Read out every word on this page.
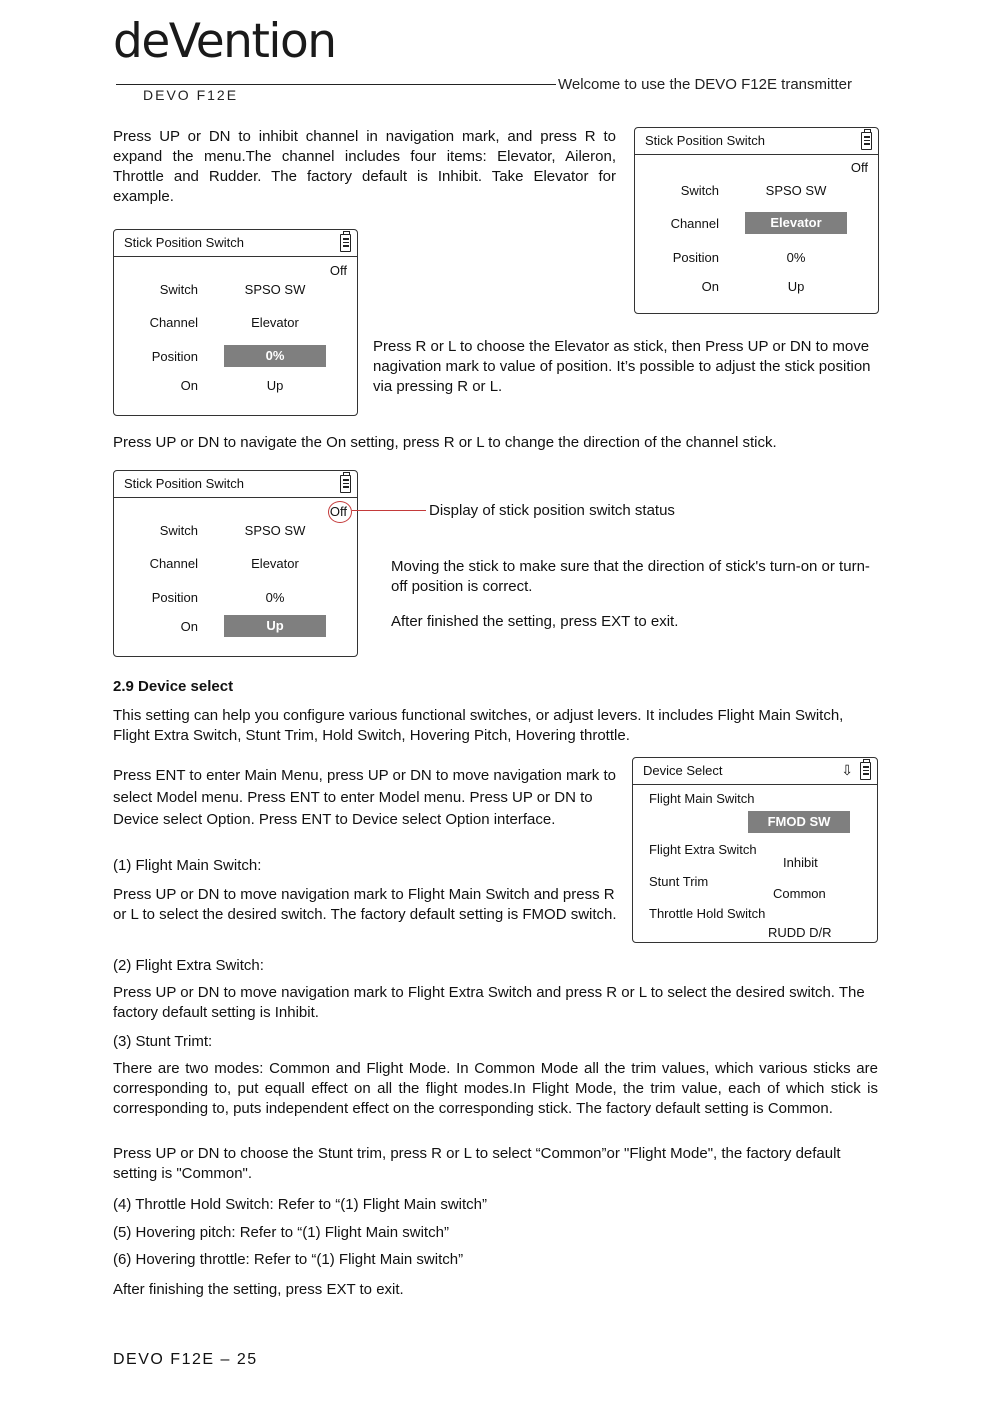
deVention
DEVO F12E
Welcome to use the DEVO F12E transmitter
Press UP or DN to inhibit channel in navigation mark, and press R to expand the menu.The channel includes four items: Elevator, Aileron, Throttle and Rudder. The factory default is Inhibit. Take Elevator for example.
Stick Position Switch
Off
Switch	SPSO SW
Channel	Elevator
Position	0%
On	Up
Stick Position Switch
Off
Switch	SPSO SW
Channel	Elevator
Position	0%
On	Up
Press R or L to choose the Elevator as stick, then Press UP or DN to move nagivation mark to value of position. It’s possible to adjust the stick position via pressing R or L.
Press UP or DN to navigate the On setting, press R or L to change the direction of the channel stick.
Stick Position Switch
Off
Switch	SPSO SW
Channel	Elevator
Position	0%
On	Up
Display of stick position switch status
Moving the stick to make sure that the direction of stick's turn-on or turn-off position is correct.
After finished the setting, press EXT to exit.
2.9 Device select
This setting can help you configure various functional switches, or adjust levers. It includes Flight Main Switch, Flight Extra Switch, Stunt Trim, Hold Switch, Hovering Pitch, Hovering throttle.
Press ENT to enter Main Menu, press UP or DN to move navigation mark to select Model menu. Press ENT to enter Model menu. Press UP or DN to Device select Option. Press ENT to Device select Option interface.
Device Select	⇩
Flight Main Switch
FMOD SW
Flight Extra Switch
Inhibit
Stunt Trim
Common
Throttle Hold Switch
RUDD D/R
(1) Flight Main Switch:
Press UP or DN to move navigation mark to Flight Main Switch and press R or L to select the desired switch. The factory default setting is FMOD switch.
(2) Flight Extra Switch:
Press UP or DN to move navigation mark to Flight Extra Switch and press R or L to select the desired switch. The factory default setting is Inhibit.
(3) Stunt Trimt:
There are two modes: Common and Flight Mode. In Common Mode all the trim values, which various sticks are corresponding to, put equall effect on all the flight modes.In Flight Mode, the trim value, each of which stick is corresponding to, puts independent effect on the corresponding stick. The factory default setting is Common.
Press UP or DN to choose the Stunt trim, press R or L to select “Common”or "Flight Mode", the factory default setting is "Common".
(4) Throttle Hold Switch: Refer to “(1) Flight Main switch”
(5) Hovering pitch: Refer to “(1) Flight Main switch”
(6) Hovering throttle: Refer to “(1) Flight Main switch”
After finishing the setting, press EXT to exit.
DEVO F12E – 25
